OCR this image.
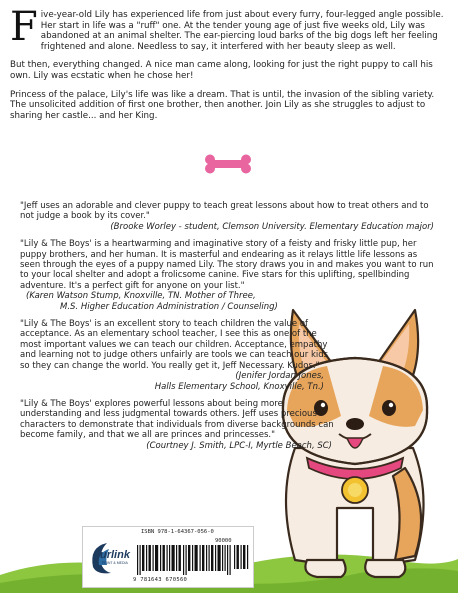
F ive-year-old Lily has experienced life from just about every furry, four-legged angle possible. Her start in life was a "ruff" one. At the tender young age of just five weeks old, Lily was abandoned at an animal shelter. The ear-piercing loud barks of the big dogs left her feeling frightened and alone. Needless to say, it interfered with her beauty sleep as well.

But then, everything changed. A nice man came along, looking for just the right puppy to call his own. Lily was ecstatic when he chose her!

Princess of the palace, Lily's life was like a dream. That is until, the invasion of the sibling variety. The unsolicited addition of first one brother, then another. Join Lily as she struggles to adjust to sharing her castle... and her King.

"Jeff uses an adorable and clever puppy to teach great lessons about how to treat others and to not judge a book by its cover."
(Brooke Worley - student, Clemson University. Elementary Education major)
"Lily & The Boys' is a heartwarming and imaginative story of a feisty and frisky little pup, her puppy brothers, and her human. It is masterful and endearing as it relays little life lessons as seen through the eyes of a puppy named Lily. The story draws you in and makes you want to run to your local shelter and adopt a frolicsome canine. Five stars for this uplifting, spellbinding adventure. It's a perfect gift for anyone on your list."
(Karen Watson Stump, Knoxville, TN. Mother of Three,
M.S. Higher Education Administration / Counseling)
"Lily & The Boys' is an excellent story to teach children the value of acceptance. As an elementary school teacher, I see this as one of the most important values we can teach our children. Acceptance, empathy and learning not to judge others unfairly are tools we can teach our kids so they can change the world. You really get it, Jeff Necessary. Kudos."
(Jenifer Jordan Jones,
Halls Elementary School, Knoxville, Tn.)
"Lily & The Boys' explores powerful lessons about being more understanding and less judgmental towards others. Jeff uses precious characters to demonstrate that individuals from diverse backgrounds can become family, and that we all are princes and princesses."
(Courtney J. Smith, LPC-I, Myrtle Beach, SC)
urlink
PRINT & MEDIA
ISBN 978-1-64367-056-0
90000
9 781643 670560
